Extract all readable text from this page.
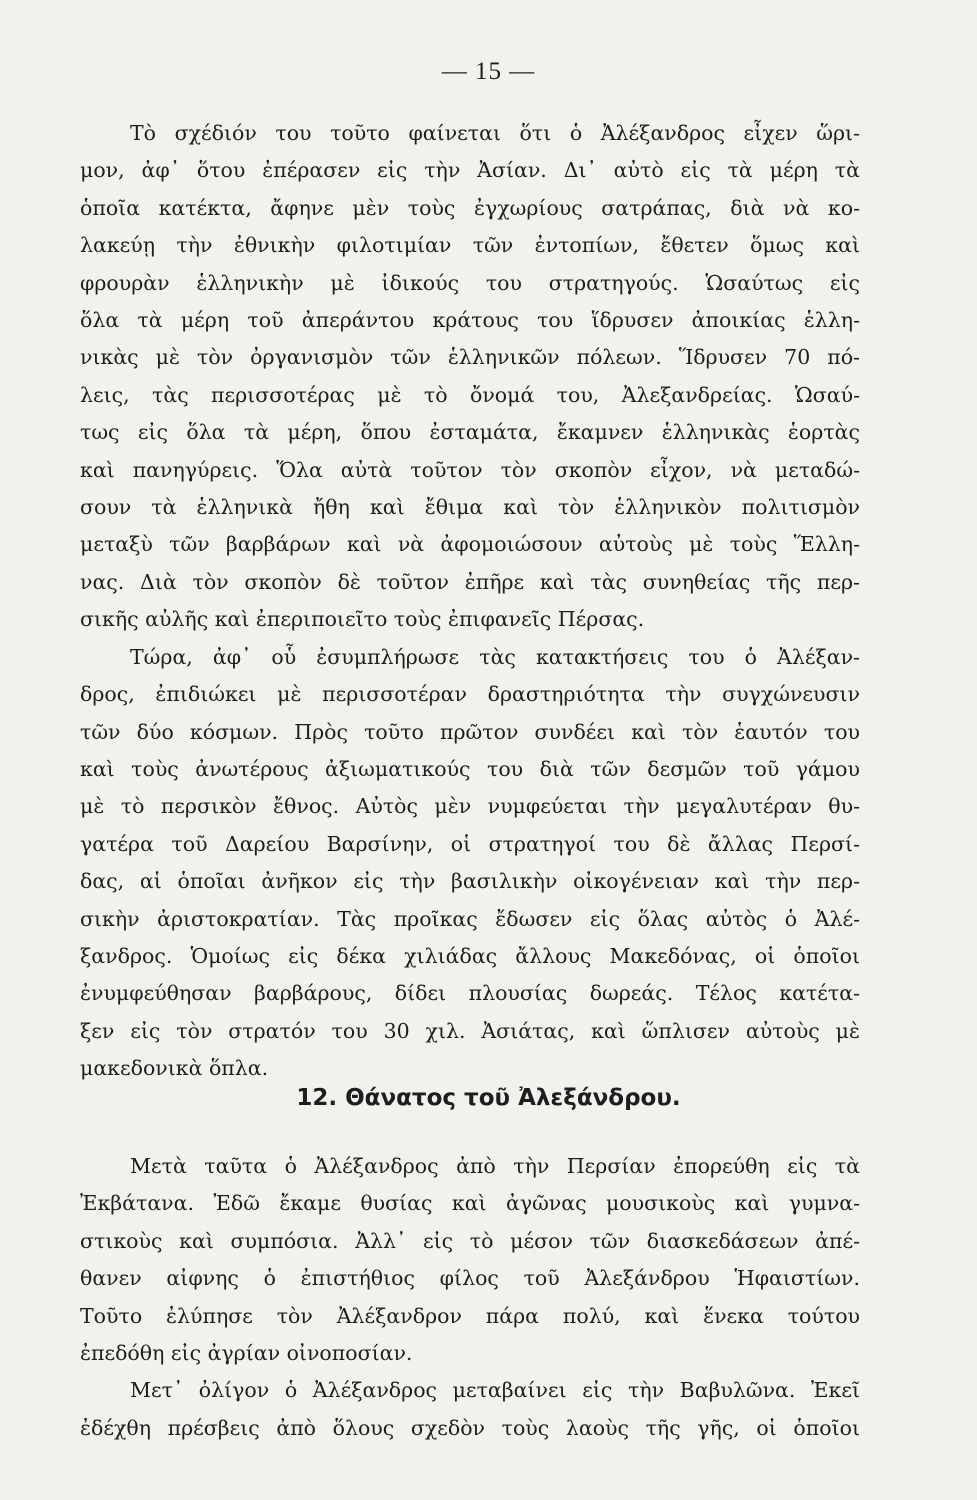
— 15 —
Τὸ σχέδιόν του τοῦτο φαίνεται ὅτι ὁ Ἀλέξανδρος εἶχεν ὥρι-
μον, ἀφ᾿ ὅτου ἐπέρασεν εἰς τὴν Ἀσίαν. Δι᾿ αὐτὸ εἰς τὰ μέρη τὰ
ὁποῖα κατέκτα, ἄφηνε μὲν τοὺς ἐγχωρίους σατράπας, διὰ νὰ κο-
λακεύῃ τὴν ἐθνικὴν φιλοτιμίαν τῶν ἐντοπίων, ἔθετεν ὅμως καὶ
φρουρὰν ἑλληνικὴν μὲ ἰδικούς του στρατηγούς. Ὡσαύτως εἰς
ὅλα τὰ μέρη τοῦ ἀπεράντου κράτους του ἵδρυσεν ἀποικίας ἑλλη-
νικὰς μὲ τὸν ὀργανισμὸν τῶν ἑλληνικῶν πόλεων. Ἵδρυσεν 70 πό-
λεις, τὰς περισσοτέρας μὲ τὸ ὄνομά του, Ἀλεξανδρείας. Ὡσαύ-
τως εἰς ὅλα τὰ μέρη, ὅπου ἐσταμάτα, ἔκαμνεν ἑλληνικὰς ἑορτὰς
καὶ πανηγύρεις. Ὅλα αὐτὰ τοῦτον τὸν σκοπὸν εἶχον, νὰ μεταδώ-
σουν τὰ ἑλληνικὰ ἤθη καὶ ἔθιμα καὶ τὸν ἑλληνικὸν πολιτισμὸν
μεταξὺ τῶν βαρβάρων καὶ νὰ ἀφομοιώσουν αὐτοὺς μὲ τοὺς Ἕλλη-
νας. Διὰ τὸν σκοπὸν δὲ τοῦτον ἐπῆρε καὶ τὰς συνηθείας τῆς περ-
σικῆς αὐλῆς καὶ ἐπεριποιεῖτο τοὺς ἐπιφανεῖς Πέρσας.
Τώρα, ἀφ᾿ οὗ ἐσυμπλήρωσε τὰς κατακτήσεις του ὁ Ἀλέξαν-
δρος, ἐπιδιώκει μὲ περισσοτέραν δραστηριότητα τὴν συγχώνευσιν
τῶν δύο κόσμων. Πρὸς τοῦτο πρῶτον συνδέει καὶ τὸν ἑαυτόν του
καὶ τοὺς ἀνωτέρους ἀξιωματικούς του διὰ τῶν δεσμῶν τοῦ γάμου
μὲ τὸ περσικὸν ἔθνος. Αὐτὸς μὲν νυμφεύεται τὴν μεγαλυτέραν θυ-
γατέρα τοῦ Δαρείου Βαρσίνην, οἱ στρατηγοί του δὲ ἄλλας Περσί-
δας, αἱ ὁποῖαι ἀνῆκον εἰς τὴν βασιλικὴν οἰκογένειαν καὶ τὴν περ-
σικὴν ἀριστοκρατίαν. Τὰς προῖκας ἔδωσεν εἰς ὅλας αὐτὸς ὁ Ἀλέ-
ξανδρος. Ὁμοίως εἰς δέκα χιλιάδας ἄλλους Μακεδόνας, οἱ ὁποῖοι
ἐνυμφεύθησαν βαρβάρους, δίδει πλουσίας δωρεάς. Τέλος κατέτα-
ξεν εἰς τὸν στρατόν του 30 χιλ. Ἀσιάτας, καὶ ὥπλισεν αὐτοὺς μὲ
μακεδονικὰ ὅπλα.
12. Θάνατος τοῦ Ἀλεξάνδρου.
Μετὰ ταῦτα ὁ Ἀλέξανδρος ἀπὸ τὴν Περσίαν ἐπορεύθη εἰς τὰ
Ἐκβάτανα. Ἐδῶ ἔκαμε θυσίας καὶ ἀγῶνας μουσικοὺς καὶ γυμνα-
στικοὺς καὶ συμπόσια. Ἀλλ᾿ εἰς τὸ μέσον τῶν διασκεδάσεων ἀπέ-
θανεν αἰφνης ὁ ἐπιστήθιος φίλος τοῦ Ἀλεξάνδρου Ἡφαιστίων.
Τοῦτο ἐλύπησε τὸν Ἀλέξανδρον πάρα πολύ, καὶ ἕνεκα τούτου
ἐπεδόθη εἰς ἀγρίαν οἰνοποσίαν.
Μετ᾿ ὀλίγον ὁ Ἀλέξανδρος μεταβαίνει εἰς τὴν Βαβυλῶνα. Ἐκεῖ
ἐδέχθη πρέσβεις ἀπὸ ὅλους σχεδὸν τοὺς λαοὺς τῆς γῆς, οἱ ὁποῖοι
